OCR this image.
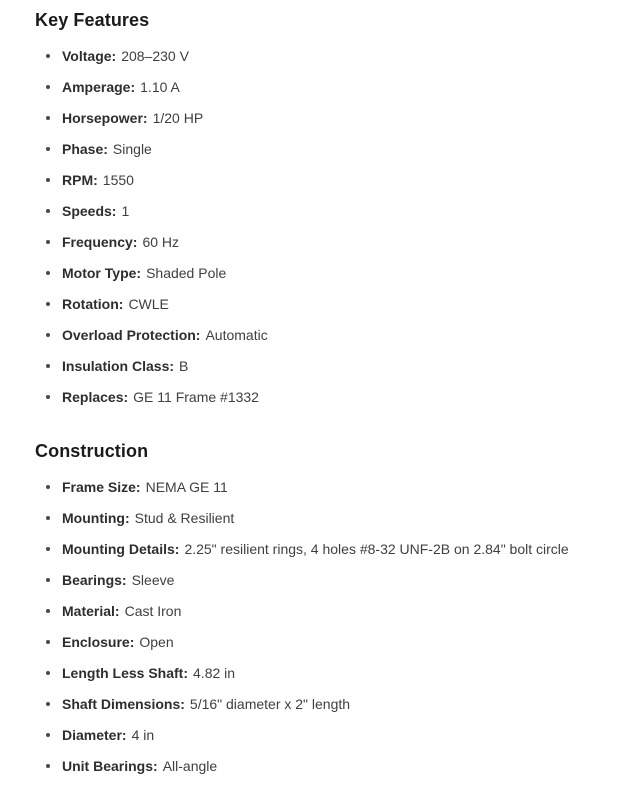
Key Features
Voltage: 208–230 V
Amperage: 1.10 A
Horsepower: 1/20 HP
Phase: Single
RPM: 1550
Speeds: 1
Frequency: 60 Hz
Motor Type: Shaded Pole
Rotation: CWLE
Overload Protection: Automatic
Insulation Class: B
Replaces: GE 11 Frame #1332
Construction
Frame Size: NEMA GE 11
Mounting: Stud & Resilient
Mounting Details: 2.25" resilient rings, 4 holes #8-32 UNF-2B on 2.84" bolt circle
Bearings: Sleeve
Material: Cast Iron
Enclosure: Open
Length Less Shaft: 4.82 in
Shaft Dimensions: 5/16" diameter x 2" length
Diameter: 4 in
Unit Bearings: All-angle
